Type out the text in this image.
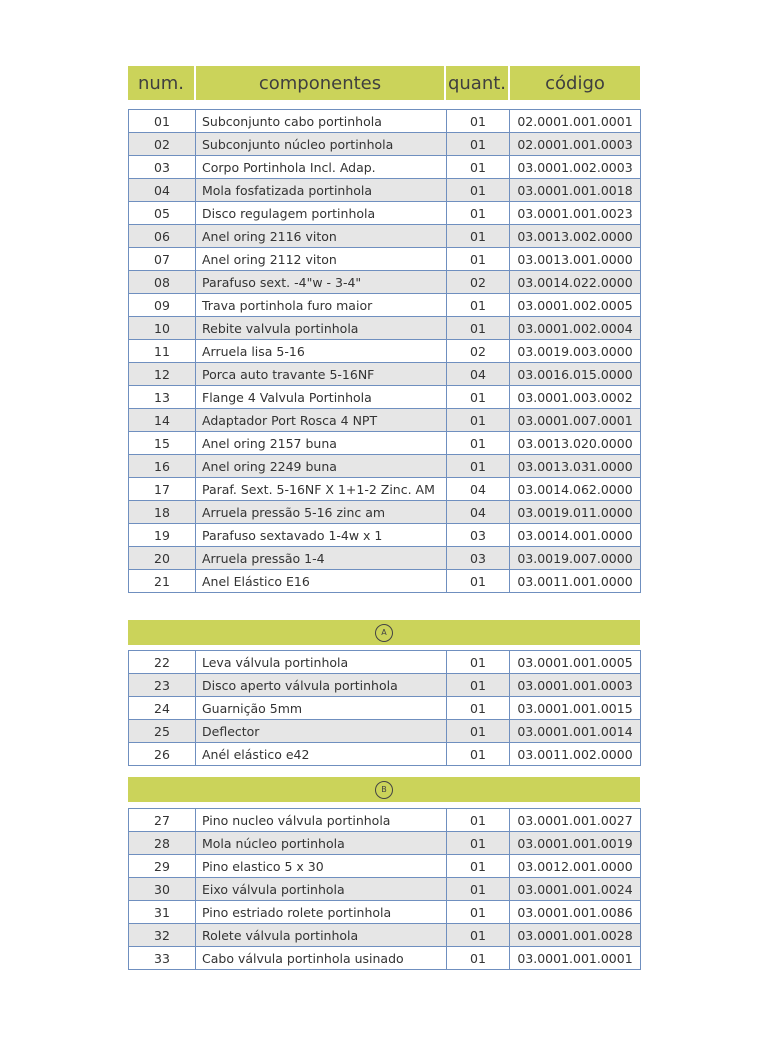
num.	componentes	quant.	código
01	Subconjunto cabo portinhola	01	02.0001.001.0001
02	Subconjunto núcleo portinhola	01	02.0001.001.0003
03	Corpo Portinhola Incl. Adap.	01	03.0001.002.0003
04	Mola fosfatizada portinhola	01	03.0001.001.0018
05	Disco regulagem portinhola	01	03.0001.001.0023
06	Anel oring 2116 viton	01	03.0013.002.0000
07	Anel oring 2112 viton	01	03.0013.001.0000
08	Parafuso sext. -4"w - 3-4"	02	03.0014.022.0000
09	Trava portinhola furo maior	01	03.0001.002.0005
10	Rebite valvula portinhola	01	03.0001.002.0004
11	Arruela lisa 5-16	02	03.0019.003.0000
12	Porca auto travante 5-16NF	04	03.0016.015.0000
13	Flange 4 Valvula Portinhola	01	03.0001.003.0002
14	Adaptador Port Rosca 4 NPT	01	03.0001.007.0001
15	Anel oring 2157 buna	01	03.0013.020.0000
16	Anel oring 2249 buna	01	03.0013.031.0000
17	Paraf. Sext. 5-16NF X 1+1-2 Zinc. AM	04	03.0014.062.0000
18	Arruela pressão 5-16 zinc am	04	03.0019.011.0000
19	Parafuso sextavado 1-4w x 1	03	03.0014.001.0000
20	Arruela pressão 1-4	03	03.0019.007.0000
21	Anel Elástico E16	01	03.0011.001.0000
A
22	Leva válvula portinhola	01	03.0001.001.0005
23	Disco aperto válvula portinhola	01	03.0001.001.0003
24	Guarnição 5mm	01	03.0001.001.0015
25	Deflector	01	03.0001.001.0014
26	Anél elástico e42	01	03.0011.002.0000
B
27	Pino nucleo válvula portinhola	01	03.0001.001.0027
28	Mola núcleo portinhola	01	03.0001.001.0019
29	Pino elastico 5 x 30	01	03.0012.001.0000
30	Eixo válvula portinhola	01	03.0001.001.0024
31	Pino estriado rolete portinhola	01	03.0001.001.0086
32	Rolete válvula portinhola	01	03.0001.001.0028
33	Cabo válvula portinhola usinado	01	03.0001.001.0001
